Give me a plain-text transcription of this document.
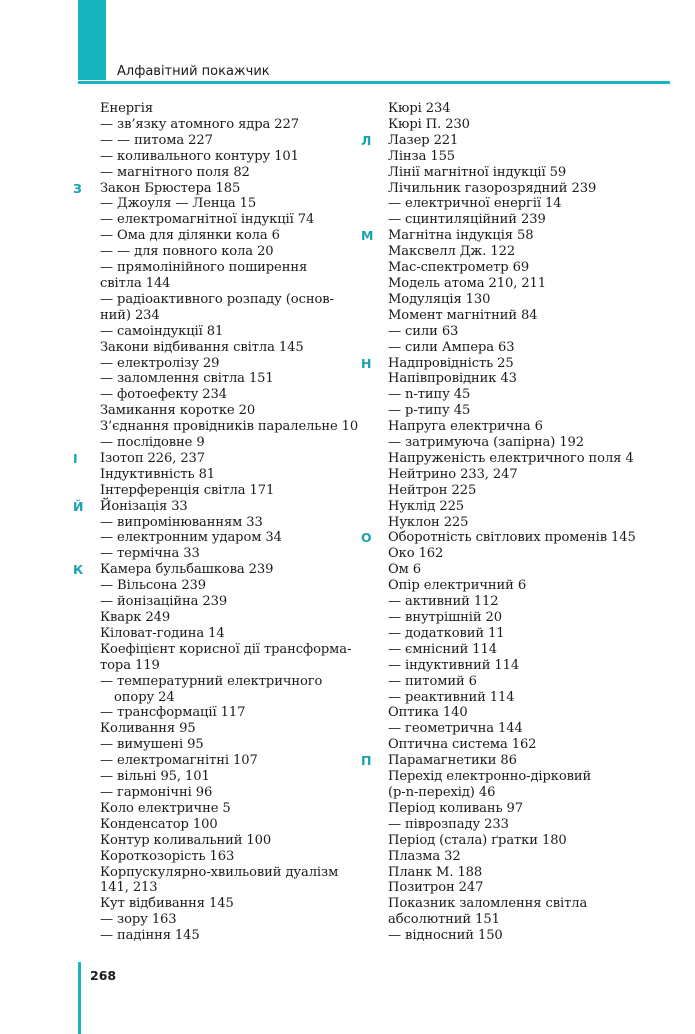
Алфавітний покажчик
Енергія
— зв’язку атомного ядра 227
— — питома 227
— коливального контуру 101
— магнітного поля 82
З Закон Брюстера 185
— Джоуля — Ленца 15
— електромагнітної індукції 74
— Ома для ділянки кола 6
— — для повного кола 20
— прямолінійного поширення
світла 144
— радіоактивного розпаду (основ-
ний) 234
— самоіндукції 81
Закони відбивання світла 145
— електролізу 29
— заломлення світла 151
— фотоефекту 234
Замикання коротке 20
З’єднання провідників паралельне 10
— послідовне 9
І Ізотоп 226, 237
Індуктивність 81
Інтерференція світла 171
Й Йонізація 33
— випромінюванням 33
— електронним ударом 34
— термічна 33
К Камера бульбашкова 239
— Вільсона 239
— йонізаційна 239
Кварк 249
Кіловат-година 14
Коефіцієнт корисної дії трансформа-
тора 119
— температурний електричного
опору 24
— трансформації 117
Коливання 95
— вимушені 95
— електромагнітні 107
— вільні 95, 101
— гармонічні 96
Коло електричне 5
Конденсатор 100
Контур коливальний 100
Короткозорість 163
Корпускулярно-хвильовий дуалізм
141, 213
Кут відбивання 145
— зору 163
— падіння 145
Кюрі 234
Кюрі П. 230
Л Лазер 221
Лінза 155
Лінії магнітної індукції 59
Лічильник газорозрядний 239
— електричної енергії 14
— сцинтиляційний 239
М Магнітна індукція 58
Максвелл Дж. 122
Мас-спектрометр 69
Модель атома 210, 211
Модуляція 130
Момент магнітний 84
— сили 63
— сили Ампера 63
Н Надпровідність 25
Напівпровідник 43
— n-типу 45
— p-типу 45
Напруга електрична 6
— затримуюча (запірна) 192
Напруженість електричного поля 4
Нейтрино 233, 247
Нейтрон 225
Нуклід 225
Нуклон 225
О Оборотність світлових променів 145
Око 162
Ом 6
Опір електричний 6
— активний 112
— внутрішній 20
— додатковий 11
— ємнісний 114
— індуктивний 114
— питомий 6
— реактивний 114
Оптика 140
— геометрична 144
Оптична система 162
П Парамагнетики 86
Перехід електронно-дірковий
(p-n-перехід) 46
Період коливань 97
— піврозпаду 233
Період (стала) ґратки 180
Плазма 32
Планк М. 188
Позитрон 247
Показник заломлення світла
абсолютний 151
— відносний 150
268
